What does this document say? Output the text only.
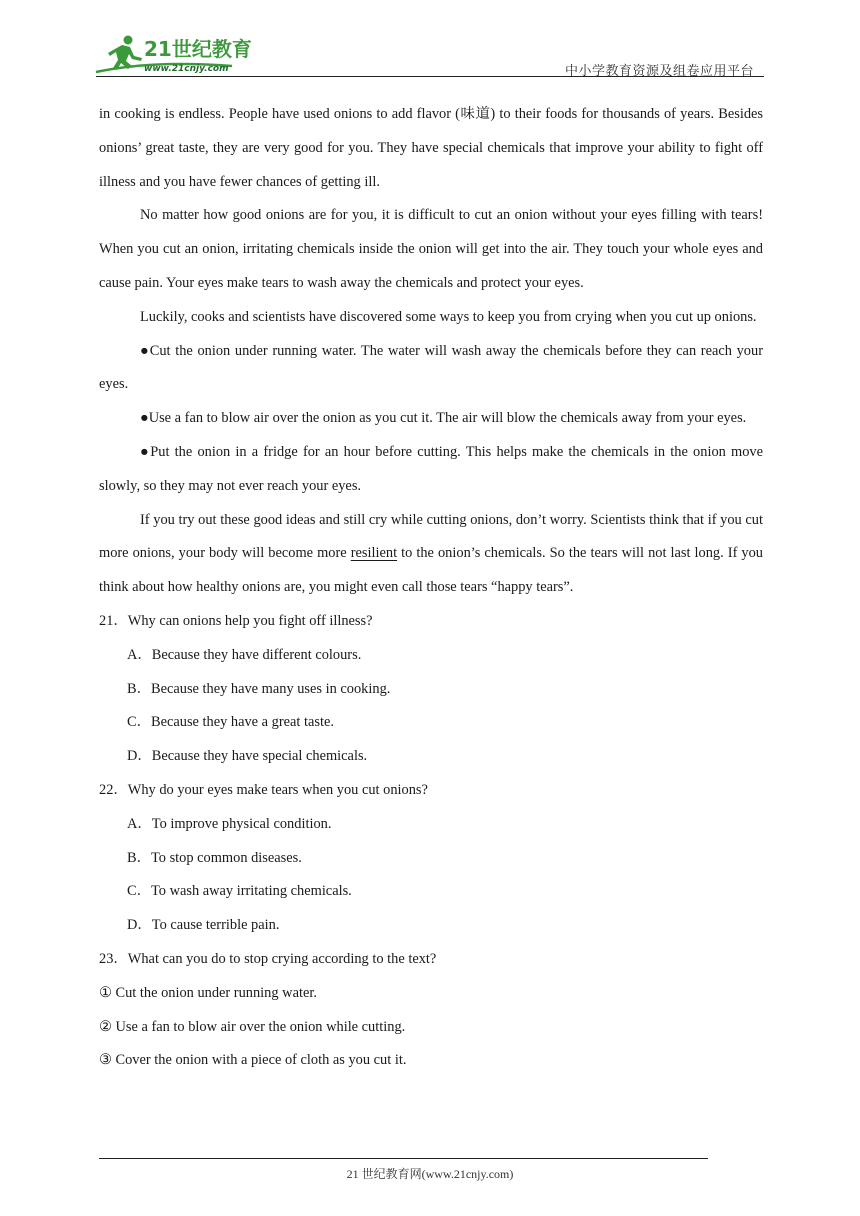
21世纪教育
www.21cnjy.com	中小学教育资源及组卷应用平台

in cooking is endless. People have used onions to add flavor (味道) to their foods for thousands of years. Besides onions’ great taste, they are very good for you. They have special chemicals that improve your ability to fight off illness and you have fewer chances of getting ill.

No matter how good onions are for you, it is difficult to cut an onion without your eyes filling with tears! When you cut an onion, irritating chemicals inside the onion will get into the air. They touch your whole eyes and cause pain. Your eyes make tears to wash away the chemicals and protect your eyes.

Luckily, cooks and scientists have discovered some ways to keep you from crying when you cut up onions.

●Cut the onion under running water. The water will wash away the chemicals before they can reach your eyes.

●Use a fan to blow air over the onion as you cut it. The air will blow the chemicals away from your eyes.

●Put the onion in a fridge for an hour before cutting. This helps make the chemicals in the onion move slowly, so they may not ever reach your eyes.

If you try out these good ideas and still cry while cutting onions, don’t worry. Scientists think that if you cut more onions, your body will become more resilient to the onion’s chemicals. So the tears will not last long. If you think about how healthy onions are, you might even call those tears “happy tears”.

21．Why can onions help you fight off illness?

A．Because they have different colours.

B．Because they have many uses in cooking.

C．Because they have a great taste.

D．Because they have special chemicals.

22．Why do your eyes make tears when you cut onions?

A．To improve physical condition.

B．To stop common diseases.

C．To wash away irritating chemicals.

D．To cause terrible pain.

23．What can you do to stop crying according to the text?

① Cut the onion under running water.

② Use a fan to blow air over the onion while cutting.

③ Cover the onion with a piece of cloth as you cut it.

21 世纪教育网(www.21cnjy.com)
